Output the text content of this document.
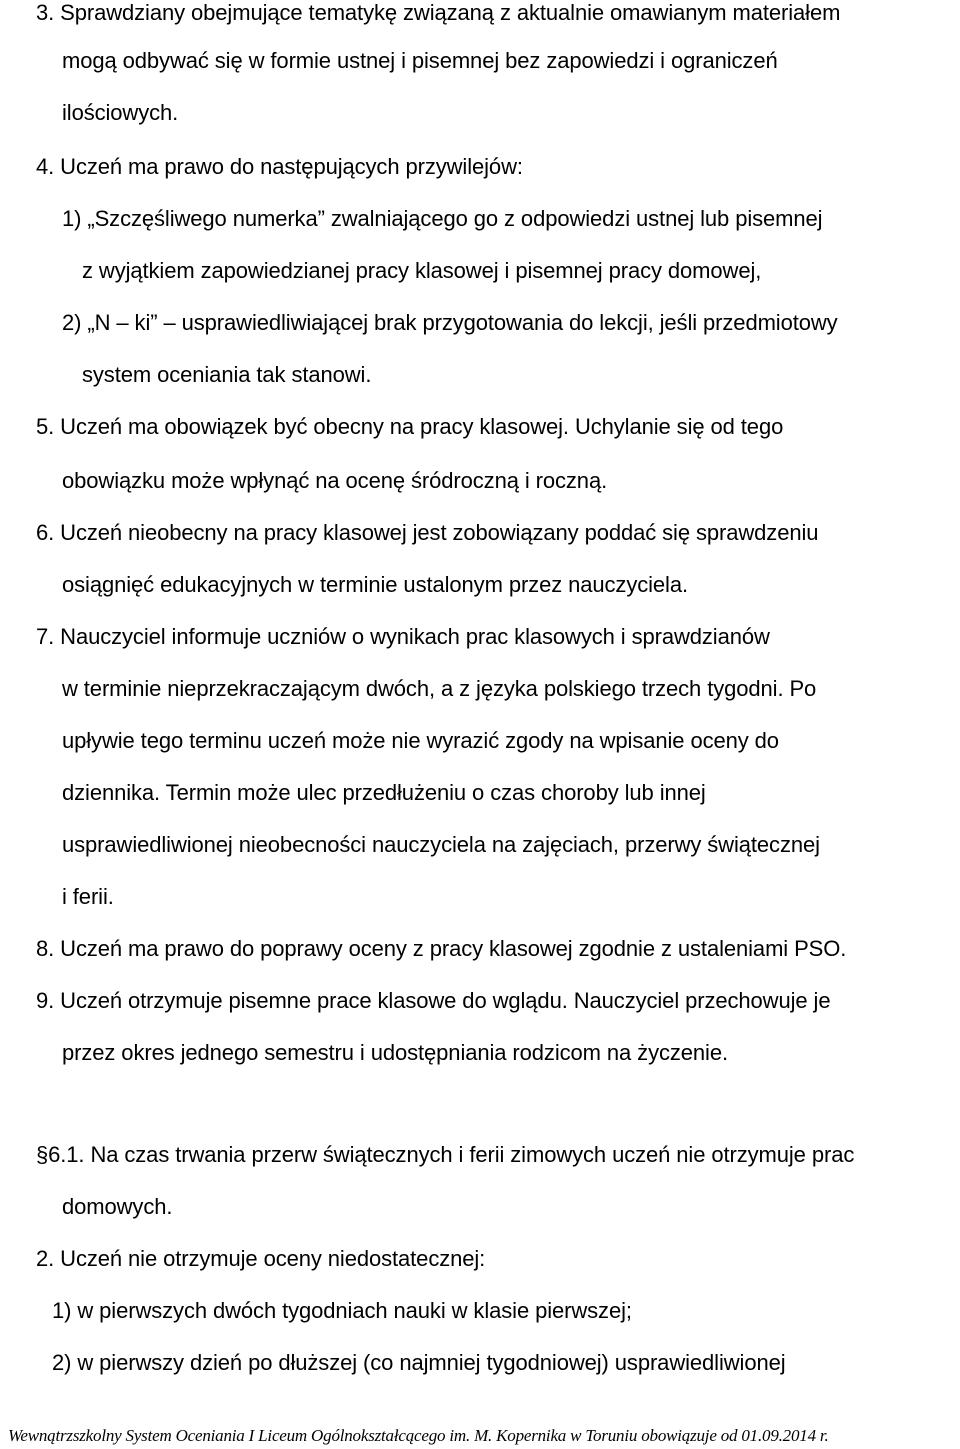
3. Sprawdziany obejmujące tematykę związaną z aktualnie omawianym materiałem
mogą odbywać się w formie ustnej i pisemnej bez zapowiedzi i ograniczeń
ilościowych.
4. Uczeń ma prawo do następujących przywilejów:
1) „Szczęśliwego numerka” zwalniającego go z odpowiedzi ustnej lub pisemnej
z wyjątkiem zapowiedzianej pracy klasowej i pisemnej pracy domowej,
2) „N – ki” – usprawiedliwiającej brak przygotowania do lekcji, jeśli przedmiotowy
system oceniania tak stanowi.
5. Uczeń ma obowiązek być obecny na pracy klasowej. Uchylanie się od tego
obowiązku może wpłynąć na ocenę śródroczną i roczną.
6. Uczeń nieobecny na pracy klasowej jest zobowiązany poddać się sprawdzeniu
osiągnięć edukacyjnych w terminie ustalonym przez nauczyciela.
7. Nauczyciel informuje uczniów o wynikach prac klasowych i sprawdzianów
w terminie nieprzekraczającym dwóch, a z języka polskiego trzech tygodni. Po
upływie tego terminu uczeń może nie wyrazić zgody na wpisanie oceny do
dziennika. Termin może ulec przedłużeniu o czas choroby lub innej
usprawiedliwionej nieobecności nauczyciela na zajęciach, przerwy świątecznej
i ferii.
8. Uczeń ma prawo do poprawy oceny z pracy klasowej zgodnie z ustaleniami PSO.
9. Uczeń otrzymuje pisemne prace klasowe do wglądu. Nauczyciel przechowuje je
przez okres jednego semestru i udostępniania rodzicom na życzenie.
§6.1. Na czas trwania przerw świątecznych i ferii zimowych uczeń nie otrzymuje prac
domowych.
2. Uczeń nie otrzymuje oceny niedostatecznej:
1) w pierwszych dwóch tygodniach nauki w klasie pierwszej;
2) w pierwszy dzień po dłuższej (co najmniej tygodniowej) usprawiedliwionej
Wewnątrzszkolny System Oceniania I Liceum Ogólnokształcącego im. M. Kopernika w Toruniu obowiązuje od 01.09.2014 r.
